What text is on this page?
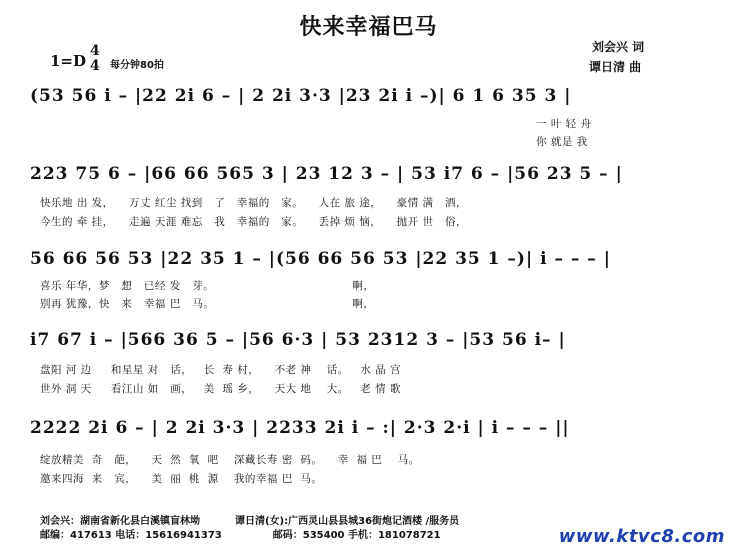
快来幸福巴马
刘会兴 词
谭日清 曲
1=D
4
4 每分钟80拍
(53 56 i – |22 2i 6 – | 2 2i 3·3 |23 2i i –)| 6 1 6 35 3 |
一 叶 轻 舟
你 就是 我
223 75 6 – |66 66 565 3 | 23 12 3 – | 53 i7 6 – |56 23 5 – |
快乐地 出 发，    万丈 红尘 找到   了   幸福的   家。    人在 旅 途，    豪情 满   洒，
今生的 牵 挂，    走遍 天涯 难忘   我   幸福的   家。    丢掉 烦 恼，    抛开 世   俗，
56 66 56 53 |22 35 1 – |(56 66 56 53 |22 35 1 –)| i – – – |
喜乐 年华，梦   想   已经 发   芽。                                    啊，
别再 犹豫，快   来   幸福 巴   马。                                    啊，
i7 67 i – |566 36 5 – |56 6·3 | 53 2312 3 – |53 56 i– |
盘阳 河 边     和星星 对   话，   长  寿 村，    不老 神    话。   水 晶 宫
世外 洞 天     看江山 如   画，   美  瑶 乡，    天大 地    大。   老 情 歌
2222 2i 6 – | 2 2i 3·3 | 2233 2i i – :| 2·3 2·i | i – – – ||
绽放精美  奇   葩，    天  然  氧  吧    深藏长寿 密  码。    幸  福 巴    马。
邀来四海  来   宾，    美  丽  桃  源    我的幸福 巴  马。
刘会兴：湖南省新化县白溪镇盲林坳	谭日清(女):广西灵山县县城36街炮记酒楼 /服务员
邮编：417613 电话：15616941373	邮码：535400 手机：181078721	www.ktvc8.com
